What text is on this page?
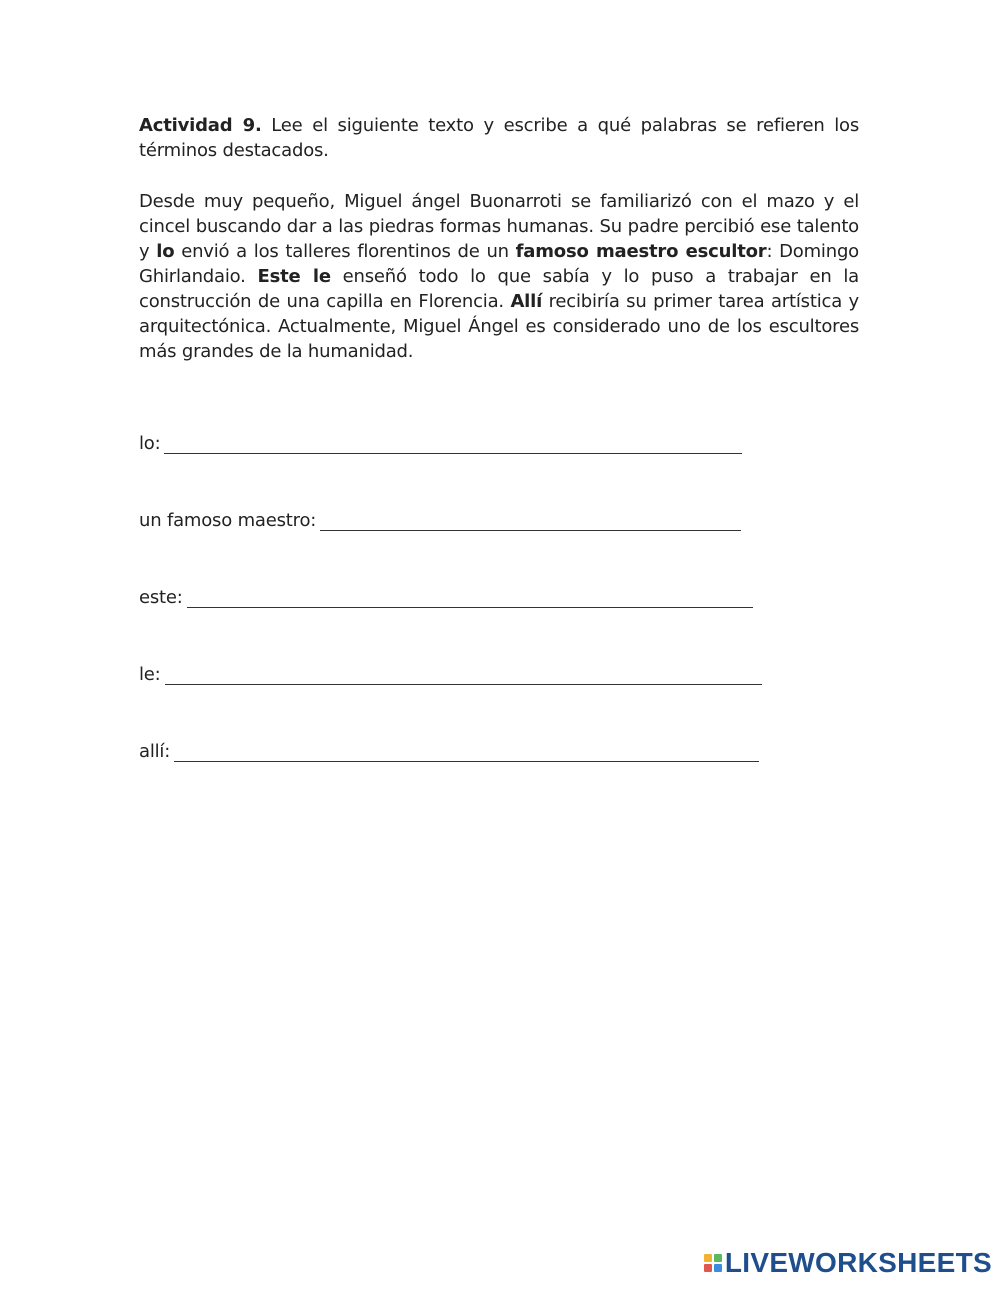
Actividad 9. Lee el siguiente texto y escribe a qué palabras se refieren los términos destacados.

Desde muy pequeño, Miguel ángel Buonarroti se familiarizó con el mazo y el cincel buscando dar a las piedras formas humanas. Su padre percibió ese talento y lo envió a los talleres florentinos de un famoso maestro escultor: Domingo Ghirlandaio. Este le enseñó todo lo que sabía y lo puso a trabajar en la construcción de una capilla en Florencia. Allí recibiría su primer tarea artística y arquitectónica. Actualmente, Miguel Ángel es considerado uno de los escultores más grandes de la humanidad.

lo:
un famoso maestro:
este:
le:
allí:
LIVEWORKSHEETS
